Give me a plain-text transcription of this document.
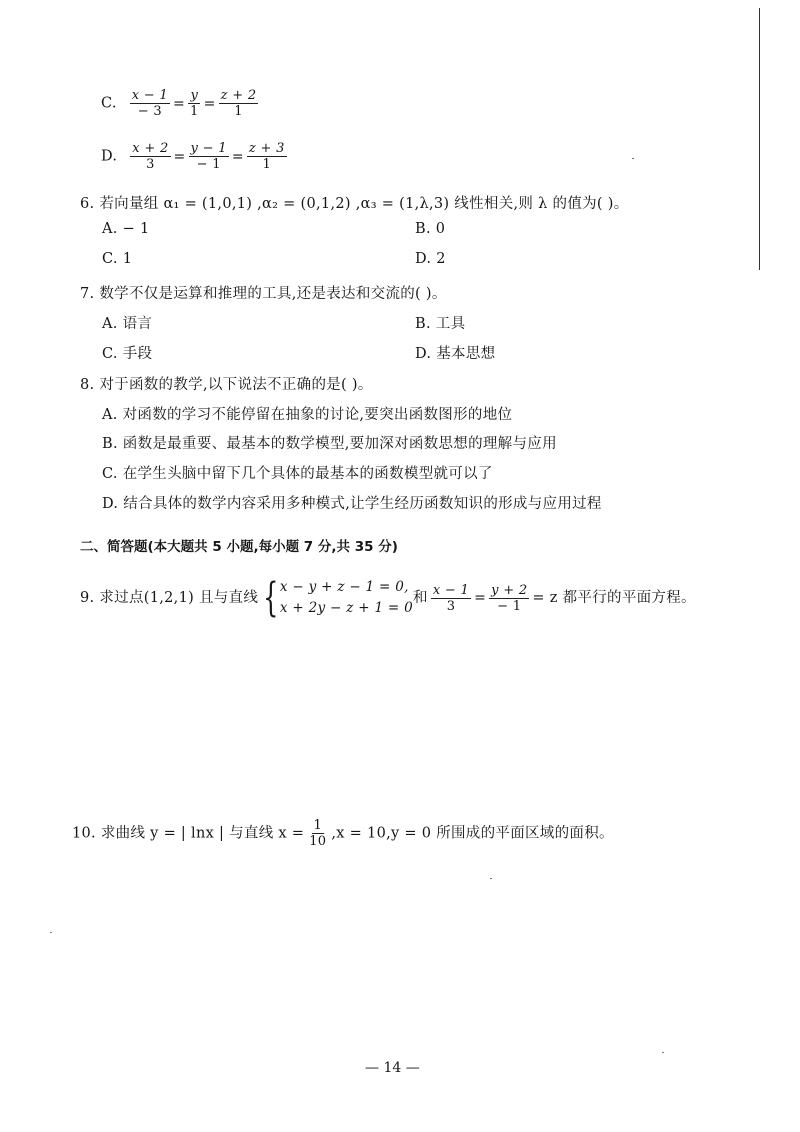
C. $\frac{x - 1}{- 3} = \frac{y}{1} = \frac{z + 2}{1}$
D. $\frac{x + 2}{3} = \frac{y - 1}{- 1} = \frac{z + 3}{1}$
6. 若向量组 α₁ = (1,0,1) ,α₂ = (0,1,2) ,α₃ = (1,λ,3) 线性相关,则 λ 的值为( )。
A. − 1	B. 0
C. 1	D. 2
7. 数学不仅是运算和推理的工具,还是表达和交流的( )。
A. 语言	B. 工具
C. 手段	D. 基本思想
8. 对于函数的教学,以下说法不正确的是( )。
A. 对函数的学习不能停留在抽象的讨论,要突出函数图形的地位
B. 函数是最重要、最基本的数学模型,要加深对函数思想的理解与应用
C. 在学生头脑中留下几个具体的最基本的函数模型就可以了
D. 结合具体的数学内容采用多种模式,让学生经历函数知识的形成与应用过程
二、简答题(本大题共 5 小题,每小题 7 分,共 35 分)
9. 求过点(1,2,1) 且与直线 { x − y + z − 1 = 0,
x + 2y − z + 1 = 0
和 $\frac{x - 1}{3} = \frac{y + 2}{- 1} = z$ 都平行的平面方程。
10. 求曲线 y = | lnx | 与直线 $x = \frac{1}{10} ,x = 10,y = 0$ 所围成的平面区域的面积。
— 14 —
